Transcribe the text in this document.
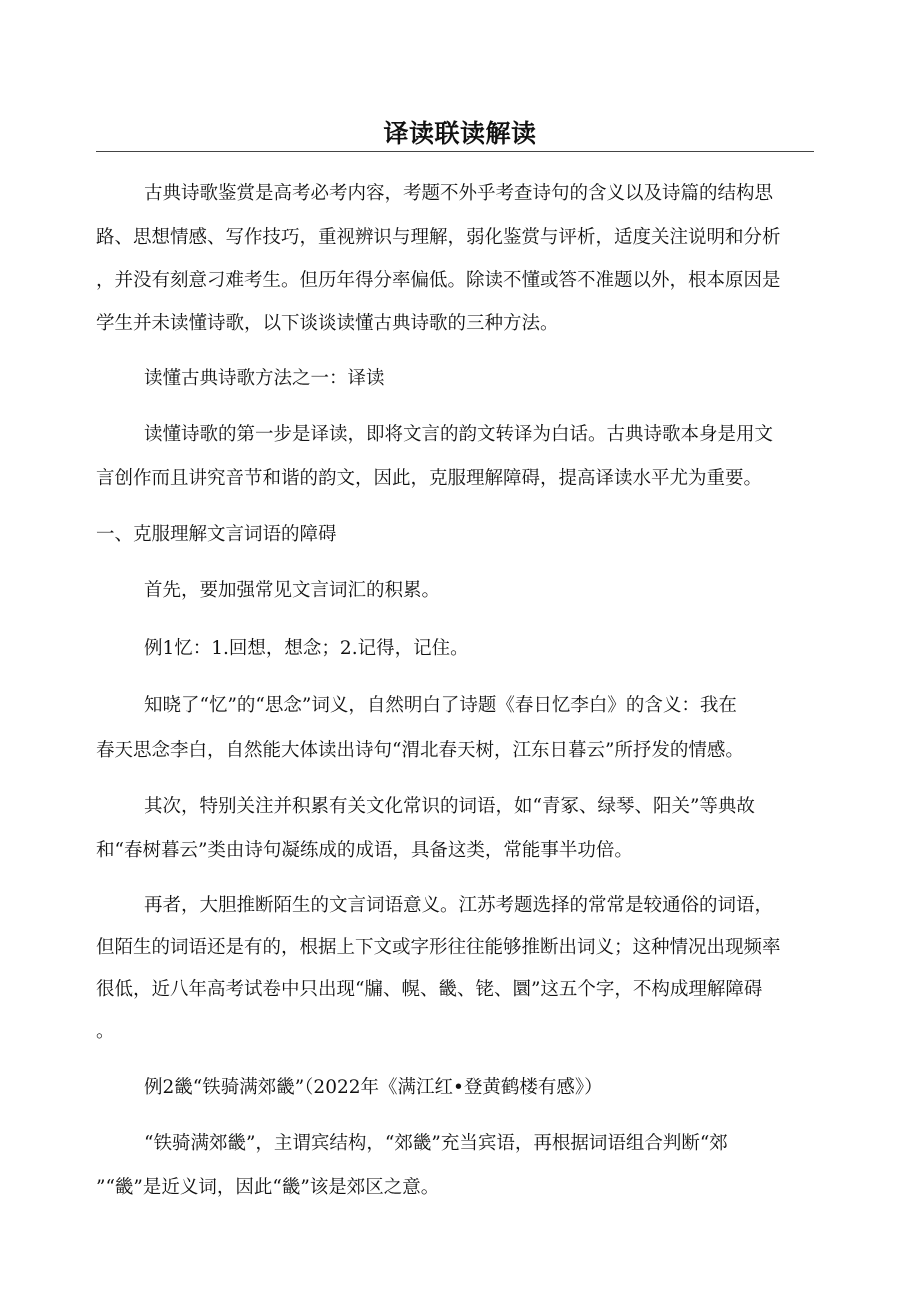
译读联读解读
古典诗歌鉴赏是高考必考内容，考题不外乎考查诗句的含义以及诗篇的结构思
路、思想情感、写作技巧，重视辨识与理解，弱化鉴赏与评析，适度关注说明和分析
，并没有刻意刁难考生。但历年得分率偏低。除读不懂或答不准题以外，根本原因是
学生并未读懂诗歌，以下谈谈读懂古典诗歌的三种方法。
读懂古典诗歌方法之一：译读
读懂诗歌的第一步是译读，即将文言的韵文转译为白话。古典诗歌本身是用文
言创作而且讲究音节和谐的韵文，因此，克服理解障碍，提高译读水平尤为重要。
一、克服理解文言词语的障碍
首先，要加强常见文言词汇的积累。
例1忆：1.回想，想念；2.记得，记住。
知晓了“忆”的“思念”词义，自然明白了诗题《春日忆李白》的含义：我在
春天思念李白，自然能大体读出诗句“渭北春天树，江东日暮云”所抒发的情感。
其次，特别关注并积累有关文化常识的词语，如“青冢、绿琴、阳关”等典故
和“春树暮云”类由诗句凝练成的成语，具备这类，常能事半功倍。
再者，大胆推断陌生的文言词语意义。江苏考题选择的常常是较通俗的词语，
但陌生的词语还是有的，根据上下文或字形往往能够推断出词义；这种情况出现频率
很低，近八年高考试卷中只出现“牖、幌、畿、铑、圜”这五个字，不构成理解障碍
。
例2畿“铁骑满郊畿”（2022年《满江红•登黄鹤楼有感》）
“铁骑满郊畿”，主谓宾结构，“郊畿”充当宾语，再根据词语组合判断“郊
”“畿”是近义词，因此“畿”该是郊区之意。
